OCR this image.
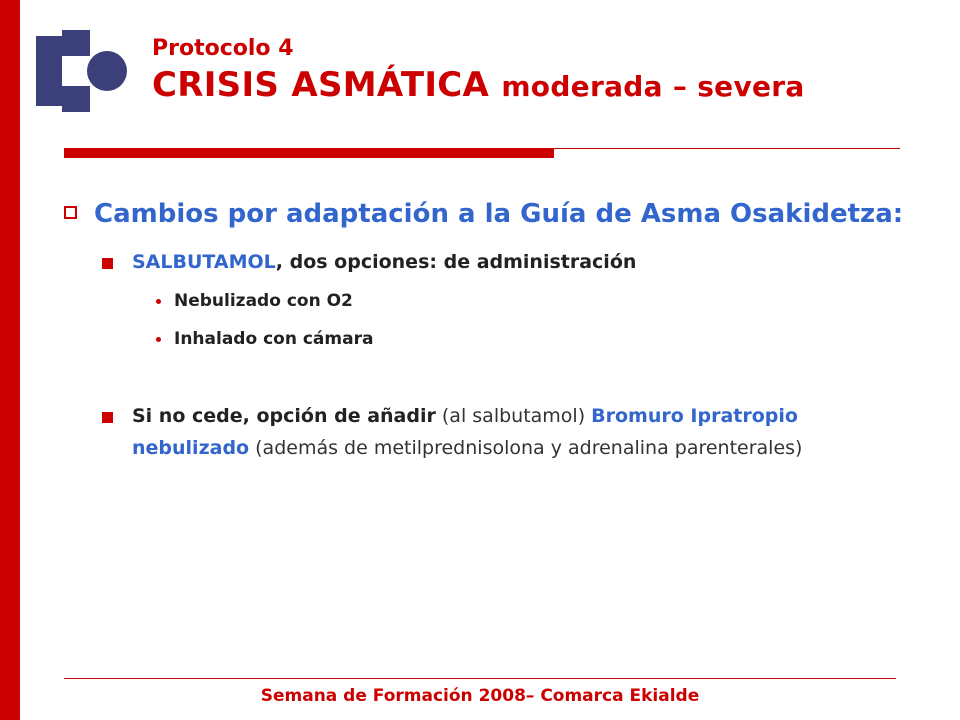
Protocolo 4
CRISIS ASMÁTICA moderada – severa
Cambios por adaptación a la Guía de Asma Osakidetza:
SALBUTAMOL, dos opciones: de administración
Nebulizado con O2
Inhalado con cámara
Si no cede, opción de añadir (al salbutamol) Bromuro Ipratropio nebulizado (además de metilprednisolona y adrenalina parenterales)
Semana de Formación 2008– Comarca Ekialde
